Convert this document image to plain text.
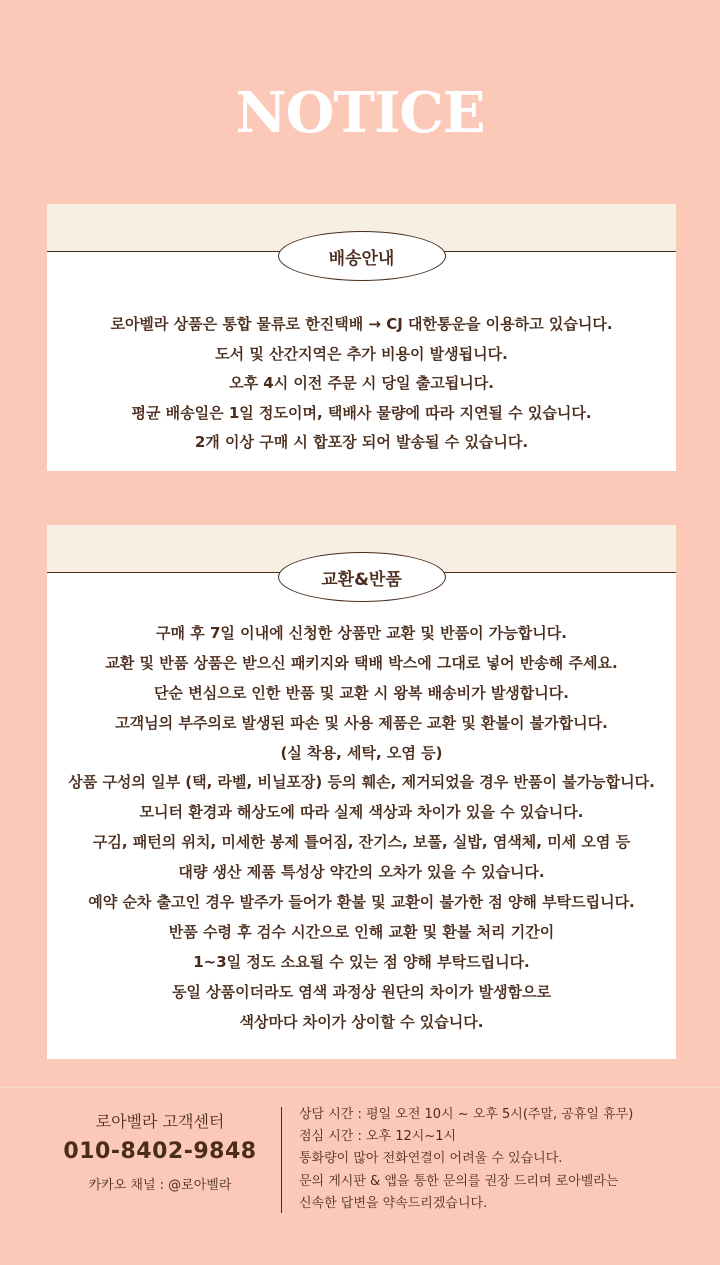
NOTICE
배송안내
로아벨라 상품은 통합 물류로 한진택배 → CJ 대한통운을 이용하고 있습니다.
도서 및 산간지역은 추가 비용이 발생됩니다.
오후 4시 이전 주문 시 당일 출고됩니다.
평균 배송일은 1일 정도이며, 택배사 물량에 따라 지연될 수 있습니다.
2개 이상 구매 시 합포장 되어 발송될 수 있습니다.
교환&반품
구매 후 7일 이내에 신청한 상품만 교환 및 반품이 가능합니다.
교환 및 반품 상품은 받으신 패키지와 택배 박스에 그대로 넣어 반송해 주세요.
단순 변심으로 인한 반품 및 교환 시 왕복 배송비가 발생합니다.
고객님의 부주의로 발생된 파손 및 사용 제품은 교환 및 환불이 불가합니다.
(실 착용, 세탁, 오염 등)
상품 구성의 일부 (택, 라벨, 비닐포장) 등의 훼손, 제거되었을 경우 반품이 불가능합니다.
모니터 환경과 해상도에 따라 실제 색상과 차이가 있을 수 있습니다.
구김, 패턴의 위치, 미세한 봉제 틀어짐, 잔기스, 보풀, 실밥, 염색체, 미세 오염 등
대량 생산 제품 특성상 약간의 오차가 있을 수 있습니다.
예약 순차 출고인 경우 발주가 들어가 환불 및 교환이 불가한 점 양해 부탁드립니다.
반품 수령 후 검수 시간으로 인해 교환 및 환불 처리 기간이
1~3일 정도 소요될 수 있는 점 양해 부탁드립니다.
동일 상품이더라도 염색 과정상 원단의 차이가 발생함으로
색상마다 차이가 상이할 수 있습니다.
로아벨라 고객센터
010-8402-9848
카카오 채널 : @로아벨라
상담 시간 : 평일 오전 10시 ~ 오후 5시(주말, 공휴일 휴무)
점심 시간 : 오후 12시~1시
통화량이 많아 전화연결이 어려울 수 있습니다.
문의 게시판 & 앱을 통한 문의를 권장 드리며 로아벨라는
신속한 답변을 약속드리겠습니다.
